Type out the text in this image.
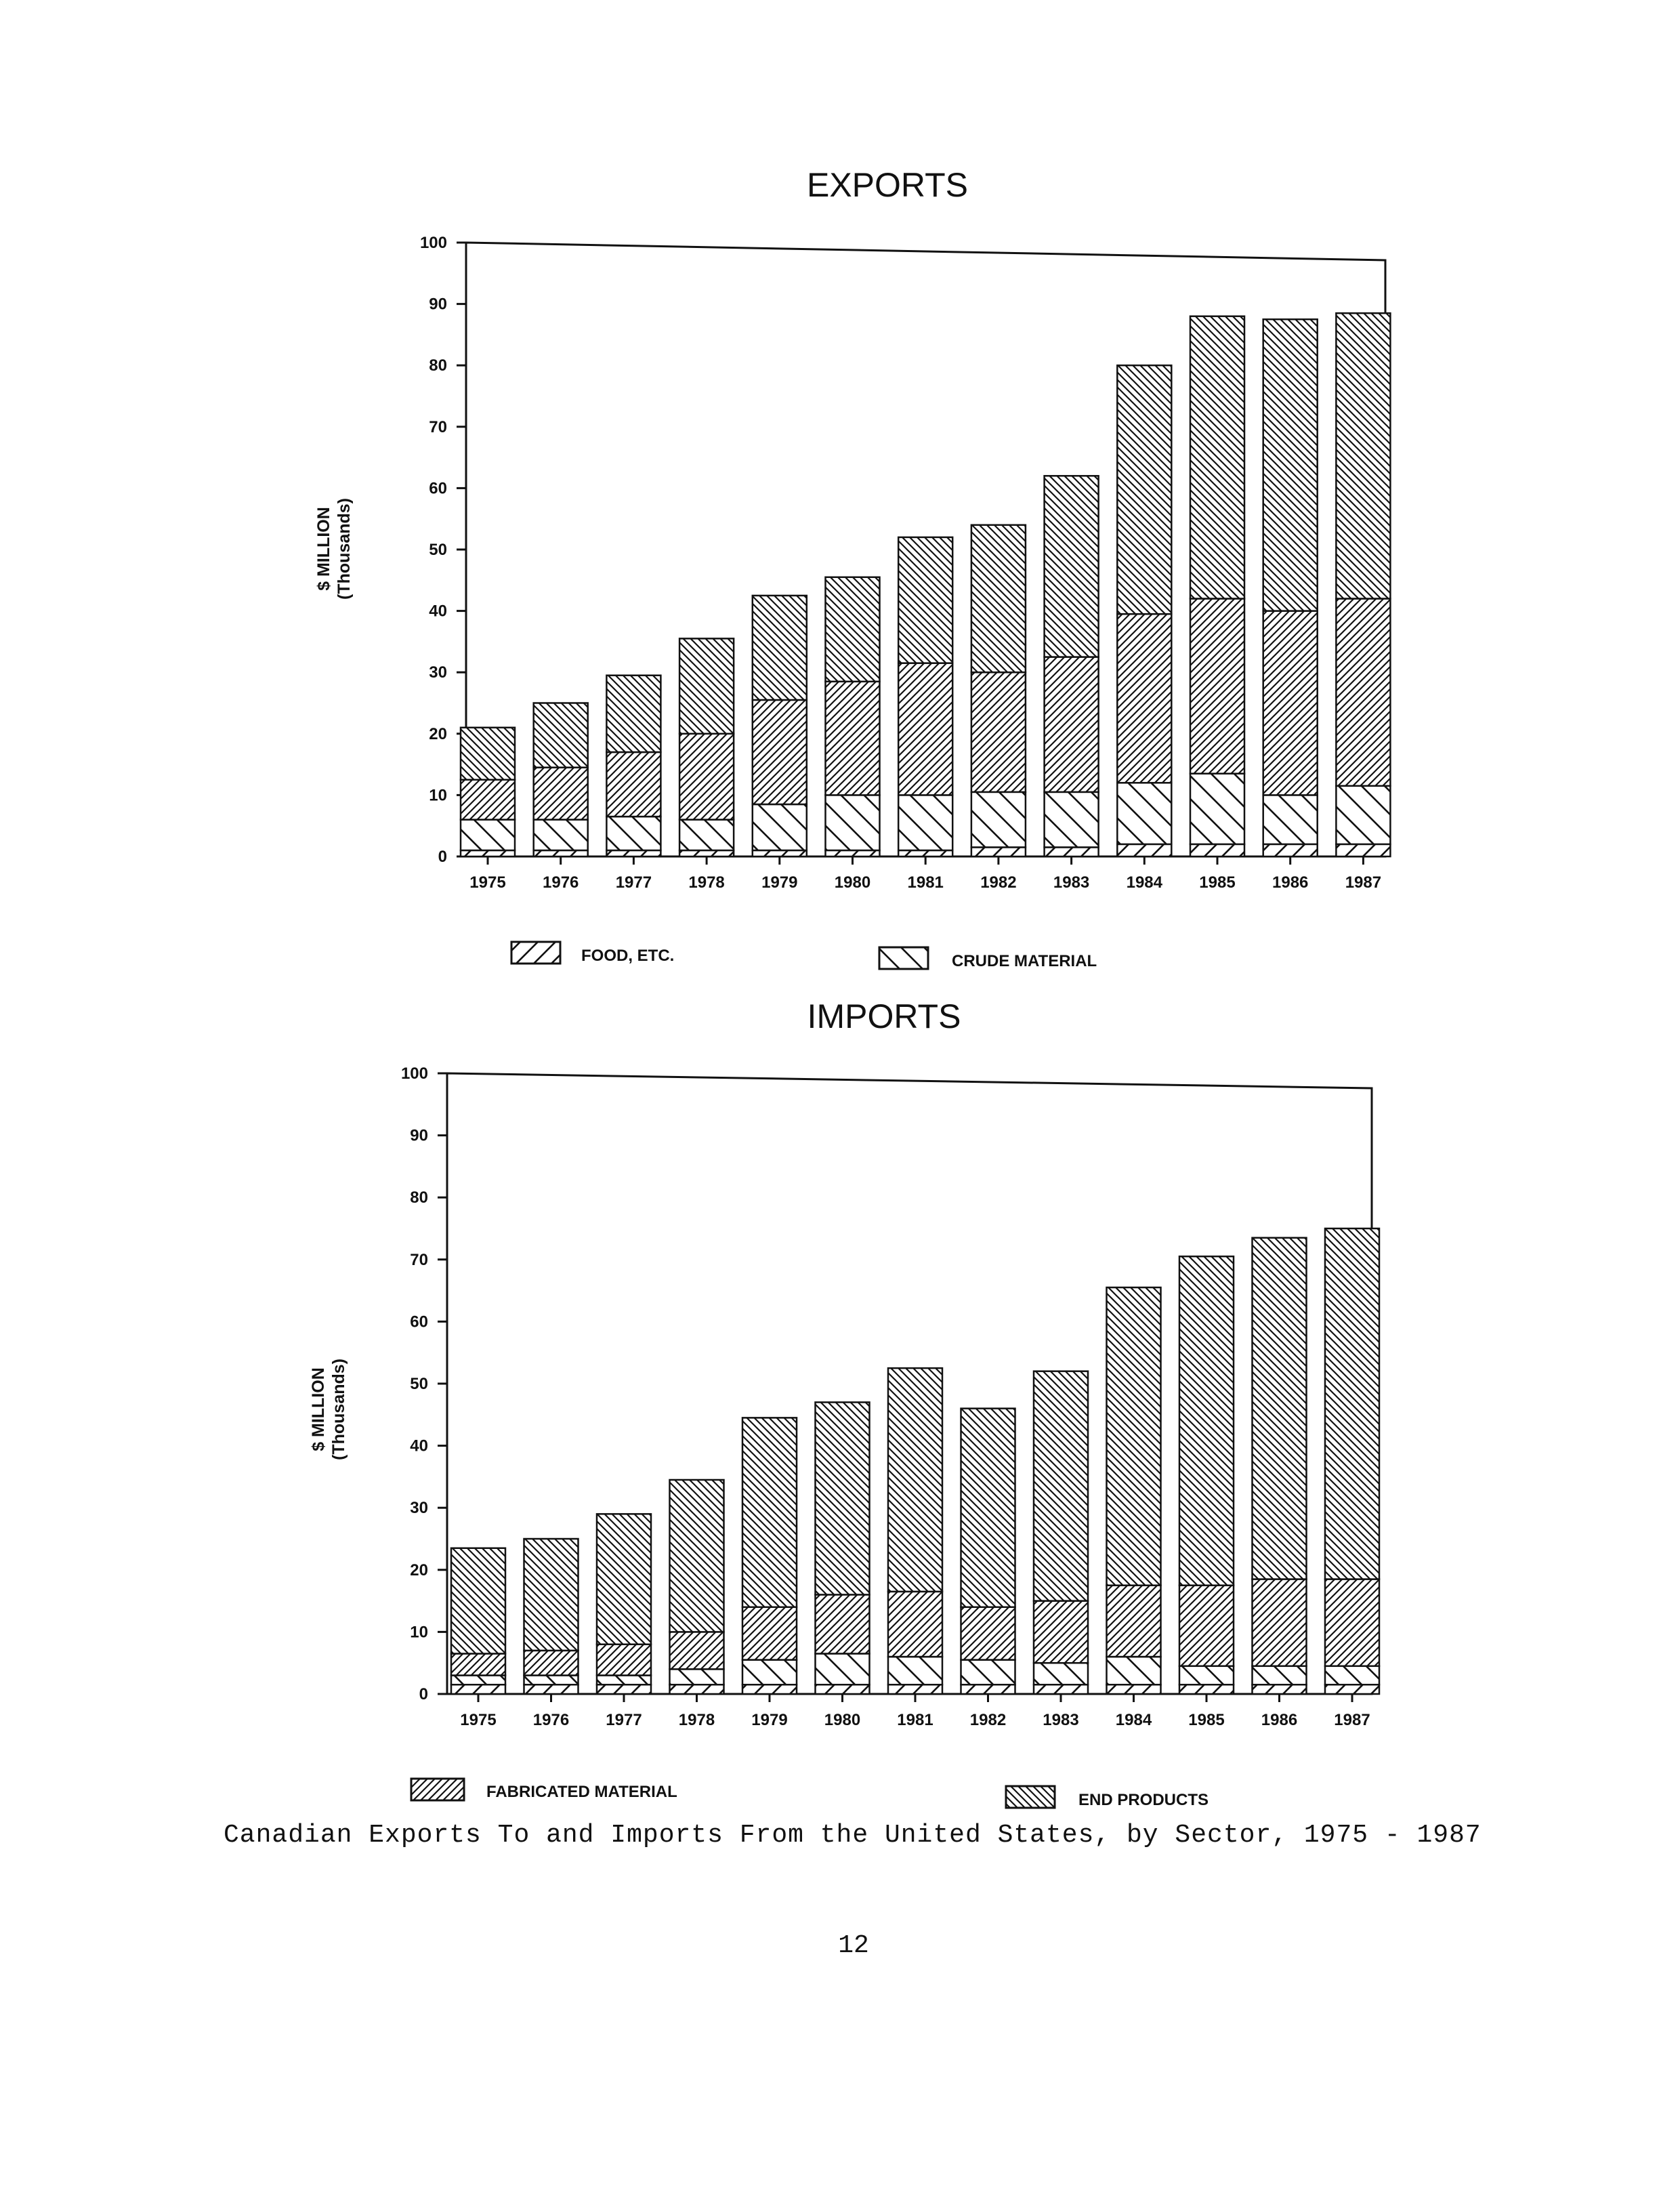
EXPORTS
$ MILLION (Thousands)
0
10
20
30
40
50
60
70
80
90
100
1975 1976 1977 1978 1979 1980 1981 1982 1983 1984 1985 1986 1987
FOOD, ETC.	CRUDE MATERIAL
IMPORTS
$ MILLION (Thousands)
0
10
20
30
40
50
60
70
80
90
100
1975 1976 1977 1978 1979 1980 1981 1982 1983 1984 1985 1986 1987
FABRICATED MATERIAL	END PRODUCTS
Canadian Exports To and Imports From the United States, by Sector, 1975 - 1987
12
